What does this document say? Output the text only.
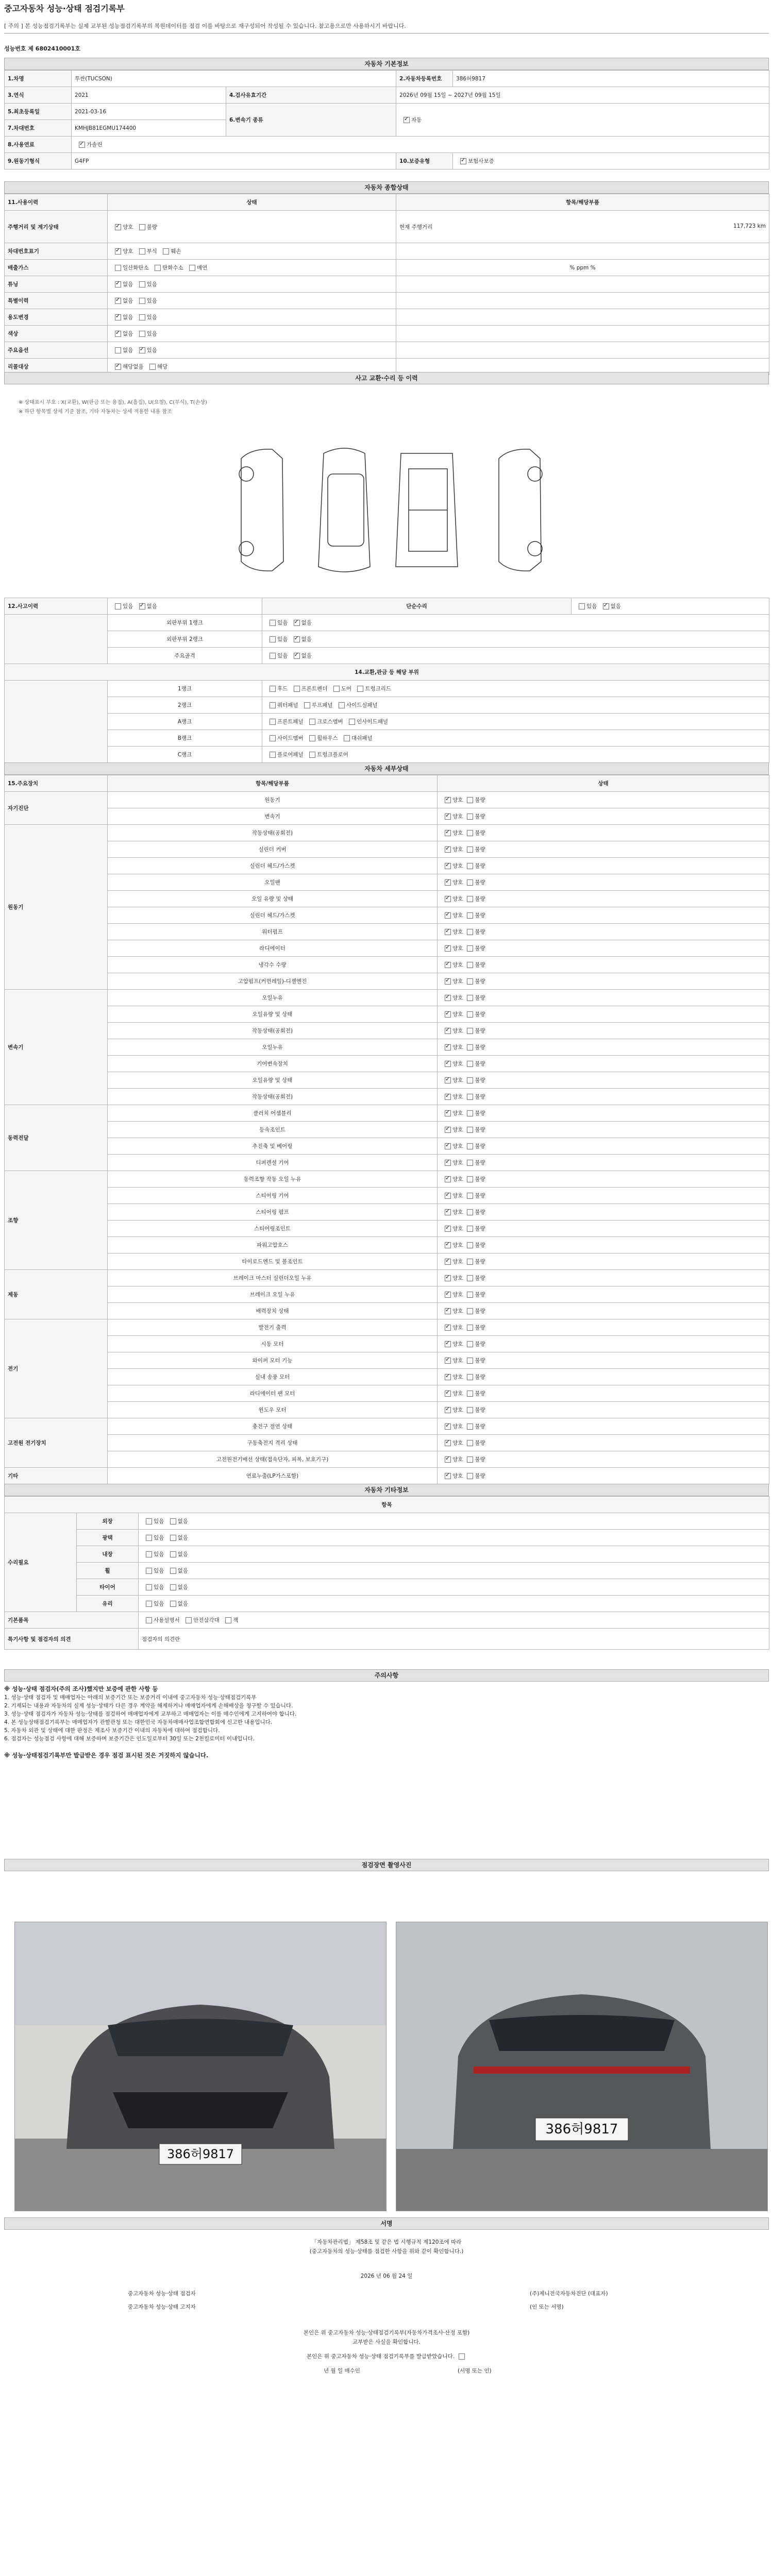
중고자동차 성능·상태 점검기록부
[ 주의 ] 본 성능점검기록부는 실제 교부된 성능점검기록부의 복원데이터를 점검 이를 바탕으로 재구성되어 작성될 수 있습니다. 참고용으로만 사용하시기 바랍니다.
성능번호 제 6802410001호
자동차 기본정보
1.차명	투싼(TUCSON)		2.자동차등록번호	386허9817
3.연식	2021	4.검사유효기간	2026년 09월 15일 ~ 2027년 09월 15일	
5.최초등록일	2021-03-16	6.변속기 종류	✓자동
7.차대번호	KMHJB81EGMU174400			
8.사용연료	✓가솔린
9.원동기형식	G4FP		10.보증유형	✓보험사보증
자동차 종합상태
11.사용이력	상태	항목/해당부품
주행거리 및 계기상태	✓양호 불량	현재 주행거리 117,723 km

차대번호표기	✓양호 부식 훼손	
배출가스	일산화탄소 탄화수소 매연	% ppm %
튜닝	✓없음 있음	
특별이력	✓없음 있음	
용도변경	✓없음 있음	
색상	✓없음 있음	
주요옵션	없음 ✓있음	
리콜대상	✓해당없음 해당	
사고 교환·수리 등 이력
※ 상태표시 부호 : X(교환), W(판금 또는 용접), A(흠집), U(요철), C(부식), T(손상)
※ 하단 항목별 상세 기준 참조, 기타 자동차는 상세 적용한 내용 참조
12.사고이력	있음 ✓없음	단순수리	있음 ✓없음
	외판부위 1랭크	있음 ✓없음
	외판부위 2랭크	있음 ✓없음
	주요골격	있음 ✓없음
14.교환,판금 등 해당 부위			
	1랭크	후드 프론트펜더 도어 트렁크리드	
	2랭크	쿼터패널 루프패널 사이드실패널	
	A랭크	프론트패널 크로스멤버 인사이드패널	
	B랭크	사이드멤버 휠하우스 대쉬패널	
	C랭크	플로어패널 트렁크플로어	
자동차 세부상태
15.주요장치	항목/해당부품	상태
자기진단	원동기	✓양호 불량
	변속기	✓양호 불량
원동기	작동상태(공회전)	✓양호 불량
	실린더 커버	✓양호 불량
	실린더 헤드/가스켓	✓양호 불량
	오일팬	✓양호 불량
	오일 유량 및 상태	✓양호 불량
	실린더 헤드/가스켓	✓양호 불량
	워터펌프	✓양호 불량
	라디에이터	✓양호 불량
	냉각수 수량	✓양호 불량
	고압펌프(커먼레일)-디젤엔진	✓양호 불량
변속기	오일누유	✓양호 불량
	오일유량 및 상태	✓양호 불량
	작동상태(공회전)	✓양호 불량
	오일누유	✓양호 불량
	기어변속장치	✓양호 불량
	오일유량 및 상태	✓양호 불량
	작동상태(공회전)	✓양호 불량
동력전달	클러치 어셈블리	✓양호 불량
	등속조인트	✓양호 불량
	추진축 및 베어링	✓양호 불량
	디퍼렌셜 기어	✓양호 불량
조향	동력조향 작동 오일 누유	✓양호 불량
	스티어링 기어	✓양호 불량
	스티어링 펌프	✓양호 불량
	스티어링조인트	✓양호 불량
	파워고압호스	✓양호 불량
	타이로드엔드 및 볼조인트	✓양호 불량
제동	브레이크 마스터 실린더오일 누유	✓양호 불량
	브레이크 오일 누유	✓양호 불량
	배력장치 상태	✓양호 불량
전기	발전기 출력	✓양호 불량
	시동 모터	✓양호 불량
	와이퍼 모터 기능	✓양호 불량
	실내 송풍 모터	✓양호 불량
	라디에이터 팬 모터	✓양호 불량
	윈도우 모터	✓양호 불량
고전원 전기장치	충전구 절연 상태	✓양호 불량
	구동축전지 격리 상태	✓양호 불량
	고전원전기배선 상태(접속단자, 피복, 보호기구)	✓양호 불량
기타	연료누출(LP가스포함)	✓양호 불량
자동차 기타정보
항목		
수리필요	외장	있음 없음
	광택	있음 없음
	내장	있음 없음
	휠	있음 없음
	타이어	있음 없음
	유리	있음 없음
기본품목		사용설명서 안전삼각대 잭
특기사항 및 점검자의 의견		점검자의 의견란
주의사항
※ 성능·상태 점검자(주의 조사)했지만 보증에 관한 사항 등

1. 성능·상태 점검자 및 매매업자는 아래의 보증기간 또는 보증거리 이내에 중고자동차 성능·상태점검기록부
2. 기재되는 내용과 자동차의 실제 성능·상태가 다른 경우 계약을 해제하거나 매매업자에게 손해배상을 청구할 수 있습니다.
3. 성능·상태 점검자가 자동차 성능·상태를 점검하여 매매업자에게 교부하고 매매업자는 이를 매수인에게 고지하여야 합니다.
4. 본 성능상태점검기록부는 매매업자가 관할관청 또는 대한민국 자동차매매사업조합연합회에 신고한 내용입니다.
5. 자동차 외관 및 상태에 대한 판정은 제조사 보증기간 이내의 자동차에 대하여 점검합니다.
6. 점검자는 성능점검 사항에 대해 보증하며 보증기간은 인도일로부터 30일 또는 2천킬로미터 이내입니다.

※ 성능·상태점검기록부만 발급받은 경우 점검 표시된 것은 거짓하지 않습니다.
점검장면 촬영사진
386허9817
386허9817
서명
「자동차관리법」 제58조 및 같은 법 시행규칙 제120조에 따라
(중고자동차의 성능·상태를 점검한 사항을 위와 같이 확인합니다.)
2026 년 06 월 24 일
중고자동차 성능·상태 점검자	(주)제니전국자동차진단 (대표자)
중고자동차 성능·상태 고지자	(인 또는 서명)
본인은 위 중고자동차 성능·상태점검기록부(자동차가격조사·산정 포함)
교부받은 사실을 확인합니다.
본인은 위 중고자동차 성능·상태 점검기록부를 발급받았습니다.
년 월 일 매수인	(서명 또는 인)
